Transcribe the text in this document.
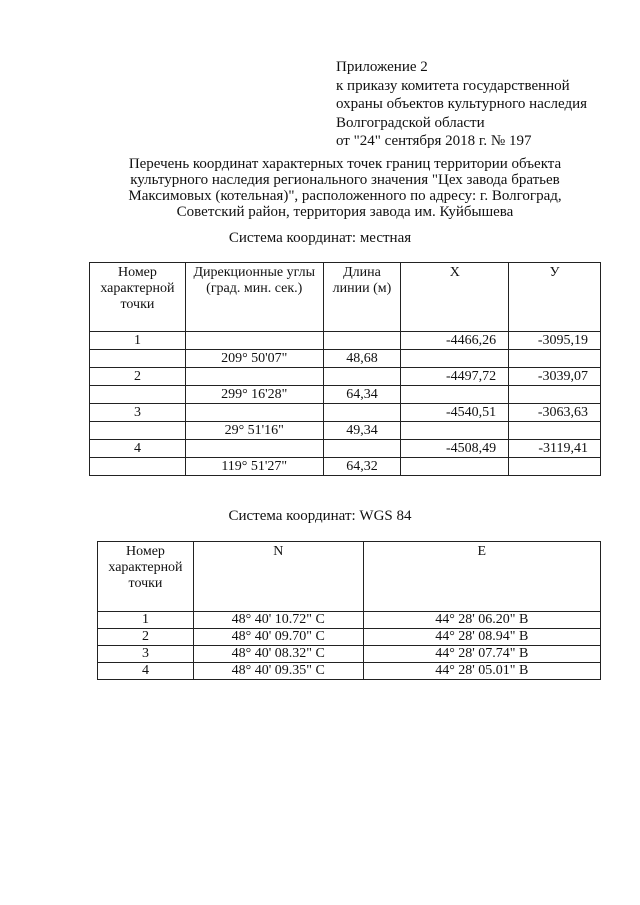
Приложение 2
к приказу комитета государственной
охраны объектов культурного наследия
Волгоградской области
от "24" сентября 2018 г. № 197
Перечень координат характерных точек границ территории объекта
культурного наследия регионального значения "Цех завода братьев
Максимовых (котельная)", расположенного по адресу: г. Волгоград,
Советский район, территория завода им. Куйбышева
Система координат: местная
Номер характерной точки	Дирекционные углы (град. мин. сек.)	Длина линии (м)	X	У
1			-4466,26	-3095,19
	209° 50'07"	48,68		
2			-4497,72	-3039,07
	299° 16'28"	64,34		
3			-4540,51	-3063,63
	29° 51'16"	49,34		
4			-4508,49	-3119,41
	119° 51'27"	64,32		
Система координат: WGS 84
Номер характерной точки	N	E
1	48° 40' 10.72" С	44° 28' 06.20" В
2	48° 40' 09.70" С	44° 28' 08.94" В
3	48° 40' 08.32" С	44° 28' 07.74" В
4	48° 40' 09.35" С	44° 28' 05.01" В
